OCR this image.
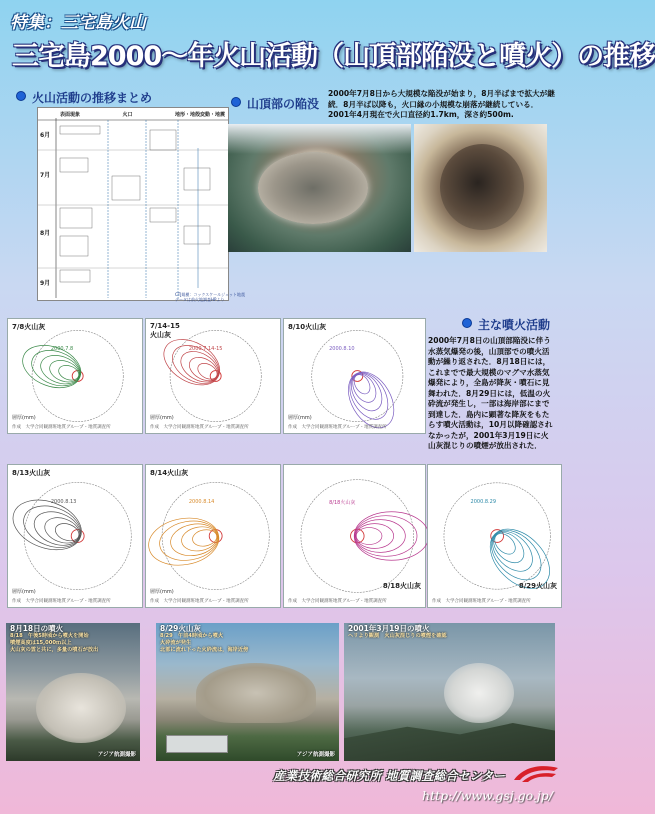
特集：三宅島火山
三宅島2000〜年火山活動（山頂部陥没と噴火）の推移
火山活動の推移まとめ
表面現象	火口	地形・地殻変動・地震
6月
7月
8月
9月
CTJ規模：コックスケールジェット地震
データは前火地調査HPより
山頂部の陥没
2000年7月8日から大規模な陥没が始まり，8月半ばまで拡大が継続．8月半ば以降も，火口縁の小規模な崩落が継続している．2001年4月現在で火口直径約1.7km，深さ約500m.
主な噴火活動
2000年7月8日の山頂部陥没に伴う水蒸気爆発の後，山頂部での噴火活動が繰り返された．8月18日には，これまでで最大規模のマグマ水蒸気爆発により，全島が降灰・噴石に見舞われた．8月29日には，低温の火砕流が発生し，一部は海岸部にまで到達した．島内に顕著な降灰をもたらす噴火活動は，10月以降確認されなかったが，2001年3月19日に火山灰混じりの噴煙が放出された．
7/8火山灰
層厚(mm)
2000.7.8
作成　大学合同観測班地質グループ・地質調査所
7/14-15
火山灰
層厚(mm)
2000.7.14-15
作成　大学合同観測班地質グループ・地質調査所
8/10火山灰
層厚(mm)
2000.8.10
作成　大学合同観測班地質グループ・地質調査所
8/13火山灰
層厚(mm)
2000.8.13
作成　大学合同観測班地質グループ・地質調査所
8/14火山灰
層厚(mm)
2000.8.14
作成　大学合同観測班地質グループ・地質調査所
8/18火山灰
8/18火山灰
作成　大学合同観測班地質グループ・地質調査所
8/29火山灰
2000.8.29
作成　大学合同観測班地質グループ・地質調査所
8月18日の噴火
8/18　午後5時頃から噴火を開始
噴煙高度は15,000ｍ以上
火山灰の雲と共に，多量の噴石が放出
アジア航測撮影
8/29火山灰
8/29　午前4時頃から噴火
火砕流が発生
北部に流れ下った火砕流は，海岸近傍
アジア航測撮影
2001年3月19日の噴火
ヘリより観測　火山灰混じりの噴煙を確認
産業技術総合研究所 地質調査総合センター
http://www.gsj.go.jp/
